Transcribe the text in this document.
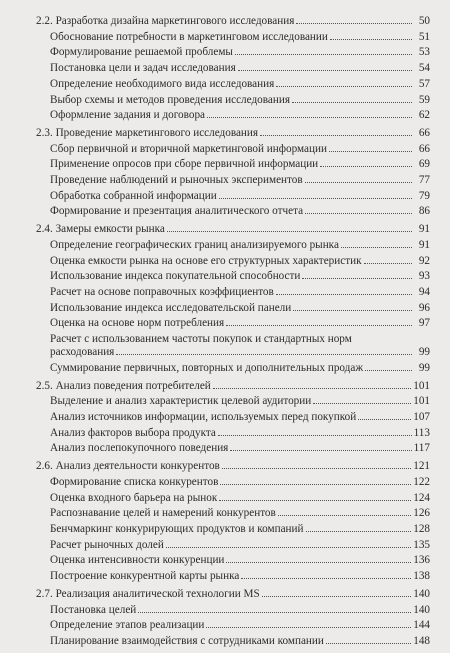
2.2. Разработка дизайна маркетингового исследования	50
Обоснование потребности в маркетинговом исследовании	51
Формулирование решаемой проблемы	53
Постановка цели и задач исследования	54
Определение необходимого вида исследования	57
Выбор схемы и методов проведения исследования	59
Оформление задания и договора	62
2.3. Проведение маркетингового исследования	66
Сбор первичной и вторичной маркетинговой информации	66
Применение опросов при сборе первичной информации	69
Проведение наблюдений и рыночных экспериментов	77
Обработка собранной информации	79
Формирование и презентация аналитического отчета	86
2.4. Замеры емкости рынка	91
Определение географических границ анализируемого рынка	91
Оценка емкости рынка на основе его структурных характеристик	92
Использование индекса покупательной способности	93
Расчет на основе поправочных коэффициентов	94
Использование индекса исследовательской панели	96
Оценка на основе норм потребления	97
Расчет с использованием частоты покупок и стандартных норм
расходования	99
Суммирование первичных, повторных и дополнительных продаж	99
2.5. Анализ поведения потребителей	101
Выделение и анализ характеристик целевой аудитории	101
Анализ источников информации, используемых перед покупкой	107
Анализ факторов выбора продукта	113
Анализ послепокупочного поведения	117
2.6. Анализ деятельности конкурентов	121
Формирование списка конкурентов	122
Оценка входного барьера на рынок	124
Распознавание целей и намерений конкурентов	126
Бенчмаркинг конкурирующих продуктов и компаний	128
Расчет рыночных долей	135
Оценка интенсивности конкуренции	136
Построение конкурентной карты рынка	138
2.7. Реализация аналитической технологии MS	140
Постановка целей	140
Определение этапов реализации	144
Планирование взаимодействия с сотрудниками компании	148
